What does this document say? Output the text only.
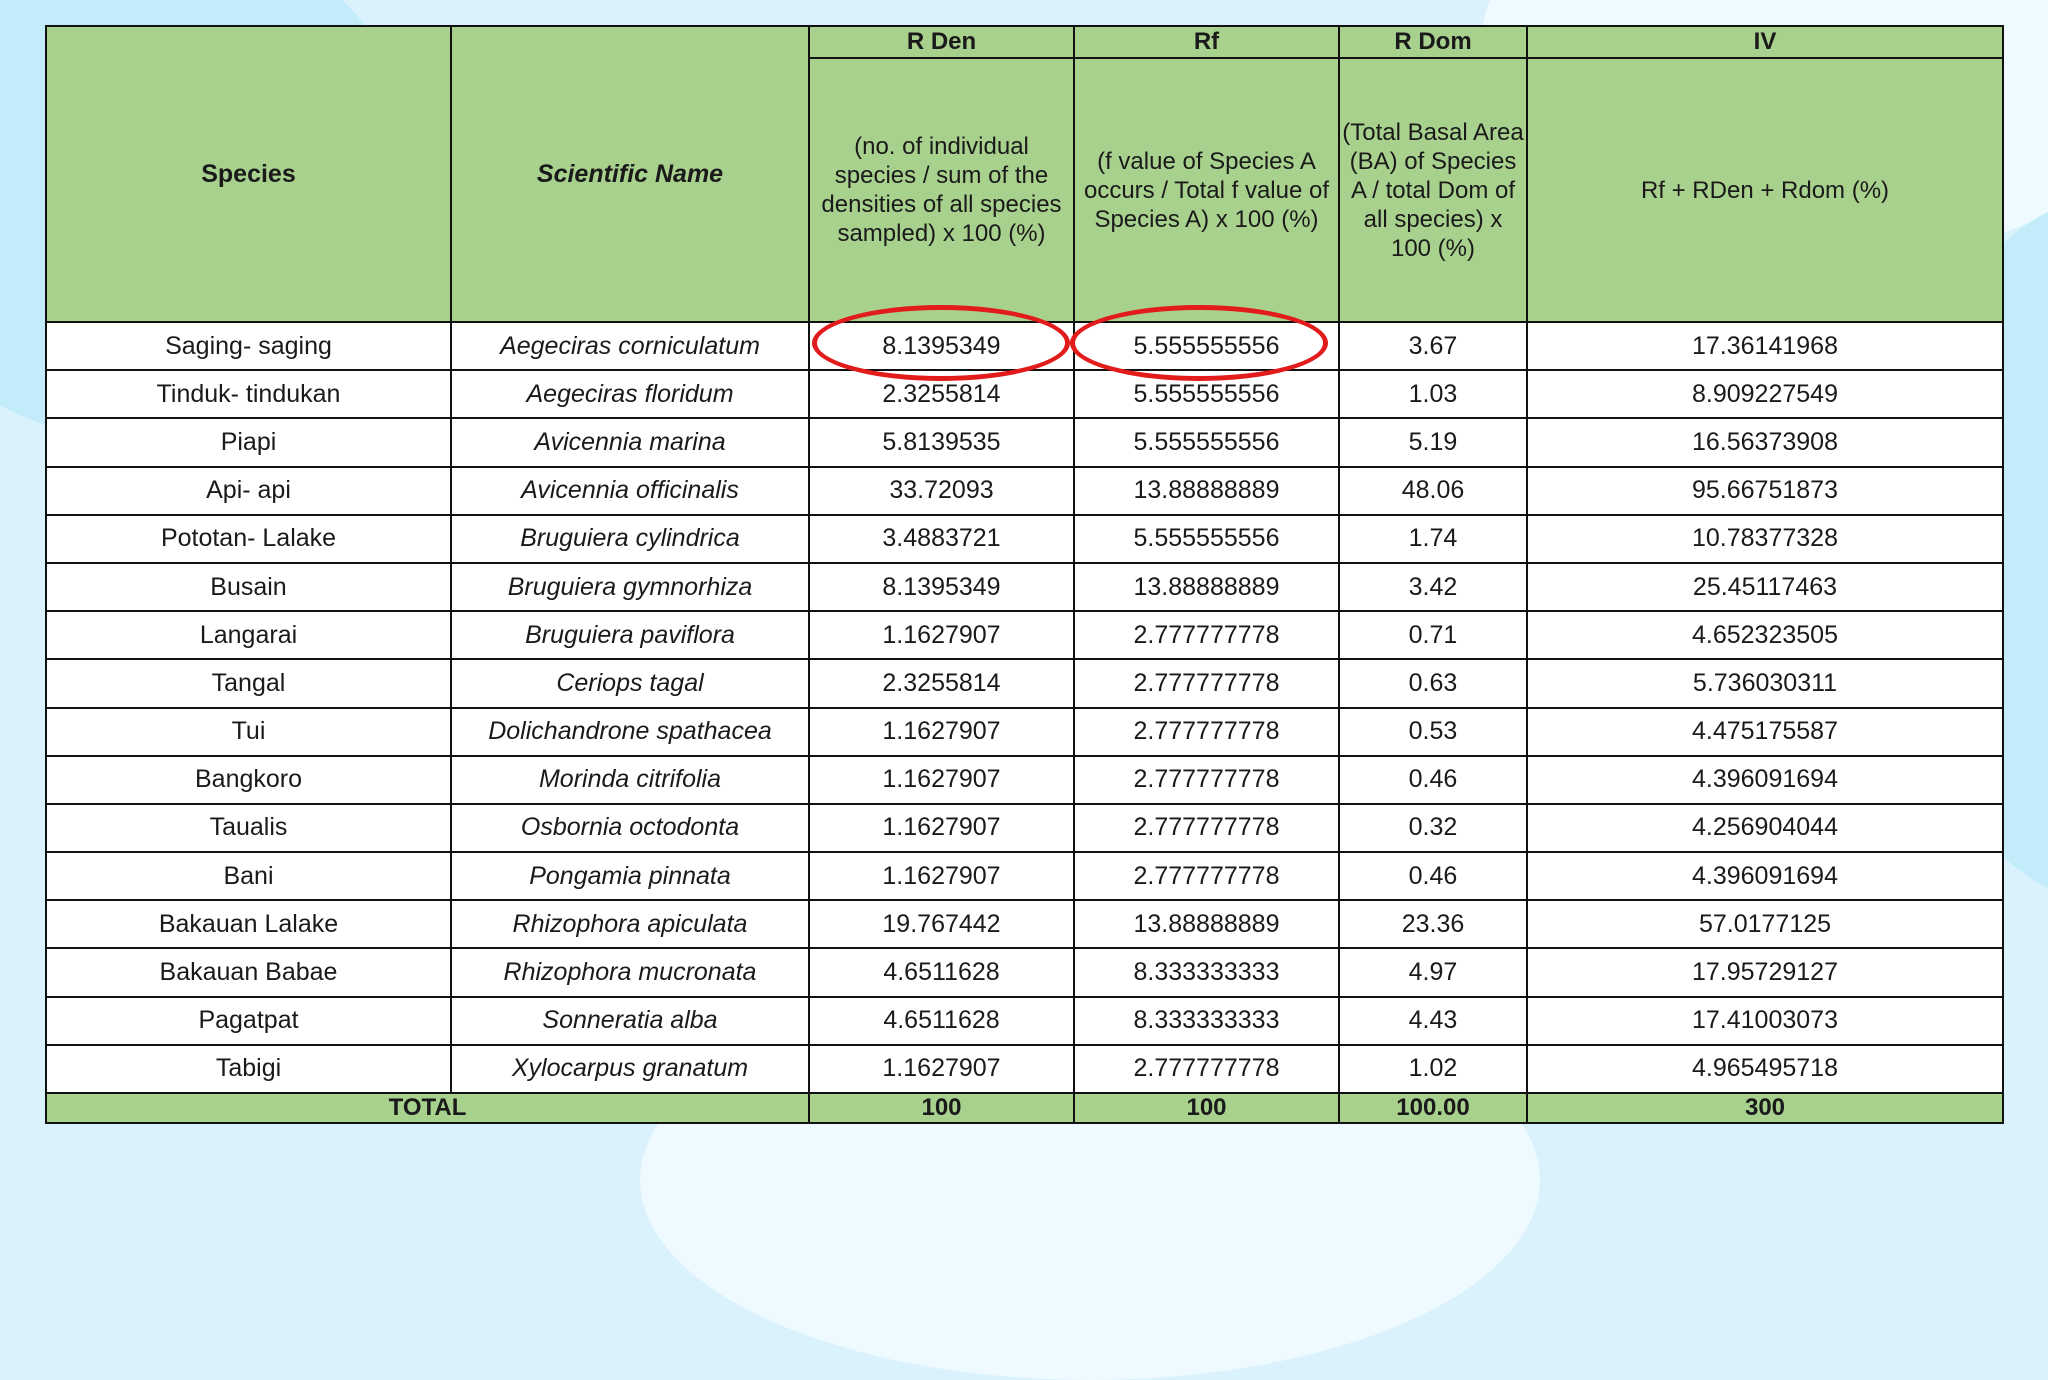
Species	Scientific Name	R Den	Rf	R Dom	IV
		(no. of individual species / sum of the densities of all species sampled) x 100 (%)	(f value of Species A occurs / Total f value of Species A) x 100 (%)	(Total Basal Area (BA) of Species A / total Dom of all species) x 100 (%)	Rf + RDen + Rdom (%)
Saging- saging	Aegeciras corniculatum	8.1395349	5.555555556	3.67	17.36141968
Tinduk- tindukan	Aegeciras floridum	2.3255814	5.555555556	1.03	8.909227549
Piapi	Avicennia marina	5.8139535	5.555555556	5.19	16.56373908
Api- api	Avicennia officinalis	33.72093	13.88888889	48.06	95.66751873
Pototan- Lalake	Bruguiera cylindrica	3.4883721	5.555555556	1.74	10.78377328
Busain	Bruguiera gymnorhiza	8.1395349	13.88888889	3.42	25.45117463
Langarai	Bruguiera paviflora	1.1627907	2.777777778	0.71	4.652323505
Tangal	Ceriops tagal	2.3255814	2.777777778	0.63	5.736030311
Tui	Dolichandrone spathacea	1.1627907	2.777777778	0.53	4.475175587
Bangkoro	Morinda citrifolia	1.1627907	2.777777778	0.46	4.396091694
Taualis	Osbornia octodonta	1.1627907	2.777777778	0.32	4.256904044
Bani	Pongamia pinnata	1.1627907	2.777777778	0.46	4.396091694
Bakauan Lalake	Rhizophora apiculata	19.767442	13.88888889	23.36	57.0177125
Bakauan Babae	Rhizophora mucronata	4.6511628	8.333333333	4.97	17.95729127
Pagatpat	Sonneratia alba	4.6511628	8.333333333	4.43	17.41003073
Tabigi	Xylocarpus granatum	1.1627907	2.777777778	1.02	4.965495718
TOTAL		100	100	100.00	300
